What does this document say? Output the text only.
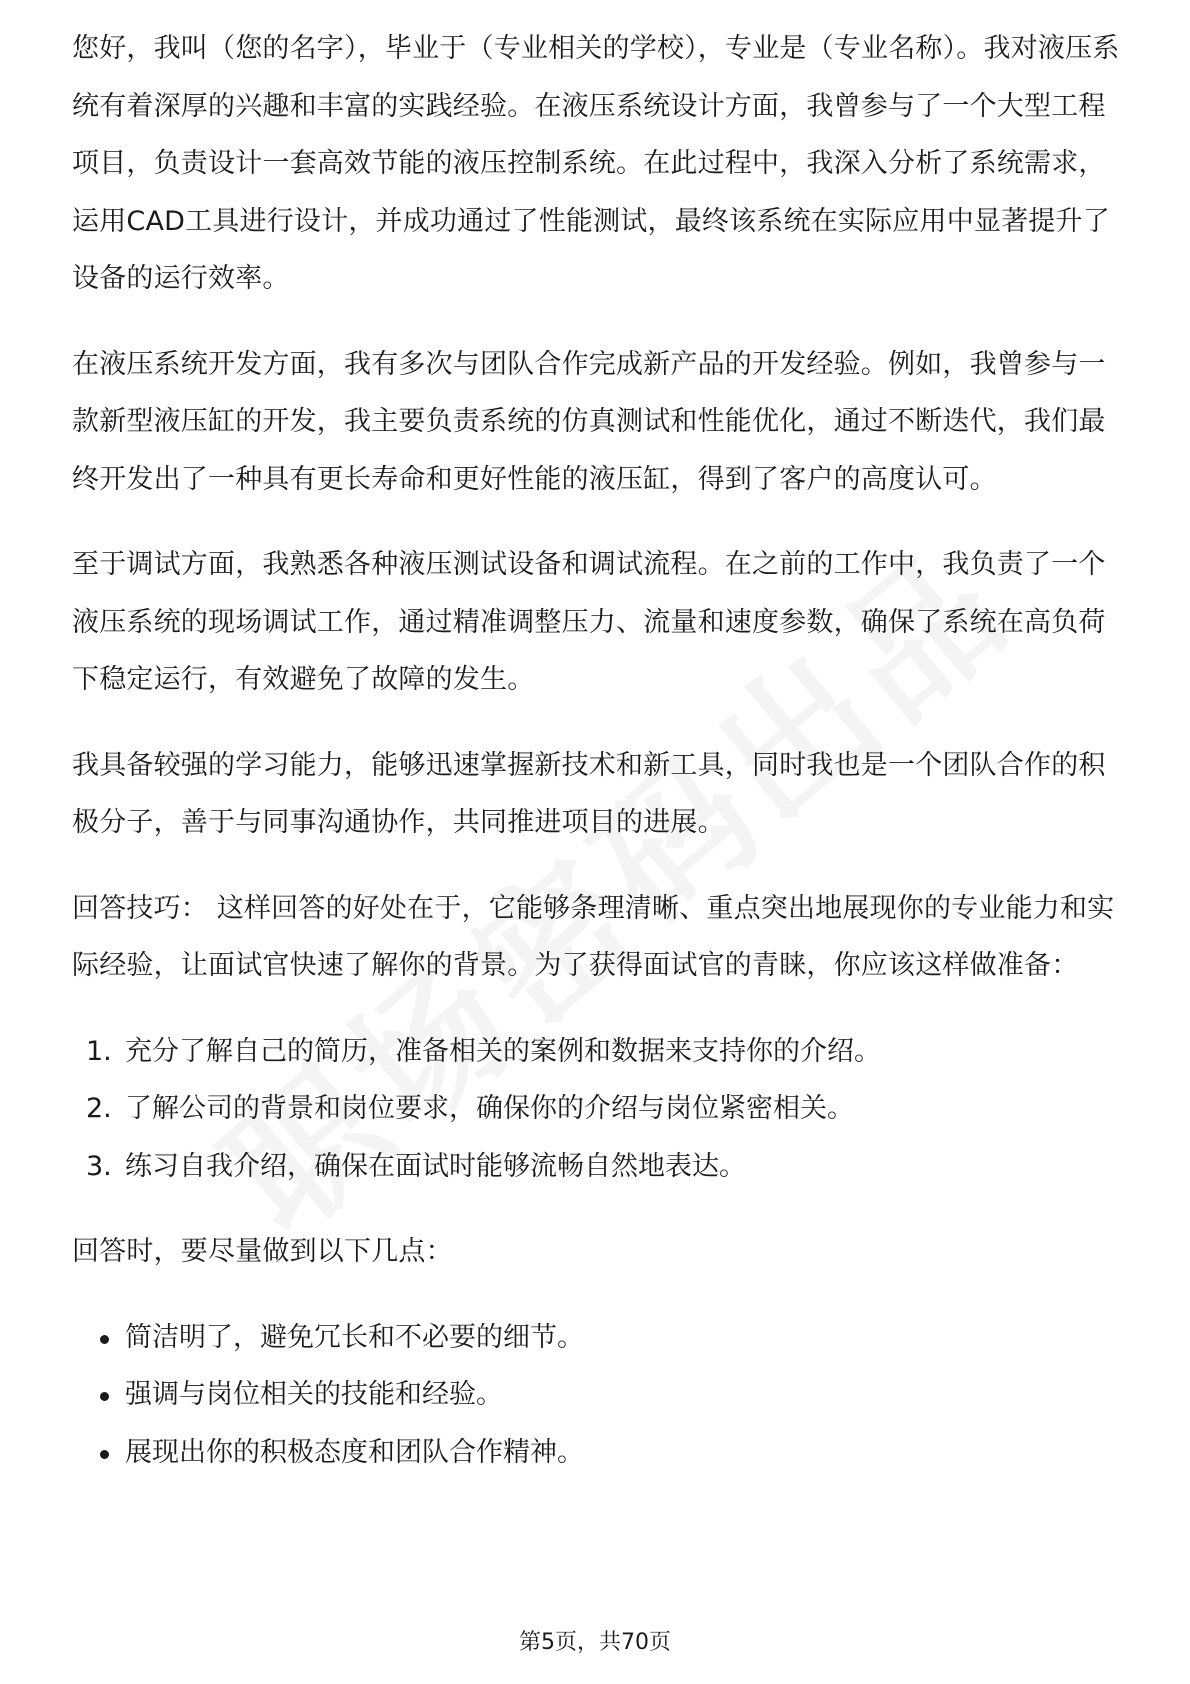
您好，我叫（您的名字），毕业于（专业相关的学校），专业是（专业名称）。我对液压系统有着深厚的兴趣和丰富的实践经验。在液压系统设计方面，我曾参与了一个大型工程项目，负责设计一套高效节能的液压控制系统。在此过程中，我深入分析了系统需求，运用CAD工具进行设计，并成功通过了性能测试，最终该系统在实际应用中显著提升了设备的运行效率。

在液压系统开发方面，我有多次与团队合作完成新产品的开发经验。例如，我曾参与一款新型液压缸的开发，我主要负责系统的仿真测试和性能优化，通过不断迭代，我们最终开发出了一种具有更长寿命和更好性能的液压缸，得到了客户的高度认可。

至于调试方面，我熟悉各种液压测试设备和调试流程。在之前的工作中，我负责了一个液压系统的现场调试工作，通过精准调整压力、流量和速度参数，确保了系统在高负荷下稳定运行，有效避免了故障的发生。

我具备较强的学习能力，能够迅速掌握新技术和新工具，同时我也是一个团队合作的积极分子，善于与同事沟通协作，共同推进项目的进展。

回答技巧： 这样回答的好处在于，它能够条理清晰、重点突出地展现你的专业能力和实际经验，让面试官快速了解你的背景。为了获得面试官的青睐，你应该这样做准备：

1. 充分了解自己的简历，准备相关的案例和数据来支持你的介绍。
2. 了解公司的背景和岗位要求，确保你的介绍与岗位紧密相关。
3. 练习自我介绍，确保在面试时能够流畅自然地表达。

回答时，要尽量做到以下几点：

简洁明了，避免冗长和不必要的细节。
强调与岗位相关的技能和经验。
展现出你的积极态度和团队合作精神。
第5页，共70页
